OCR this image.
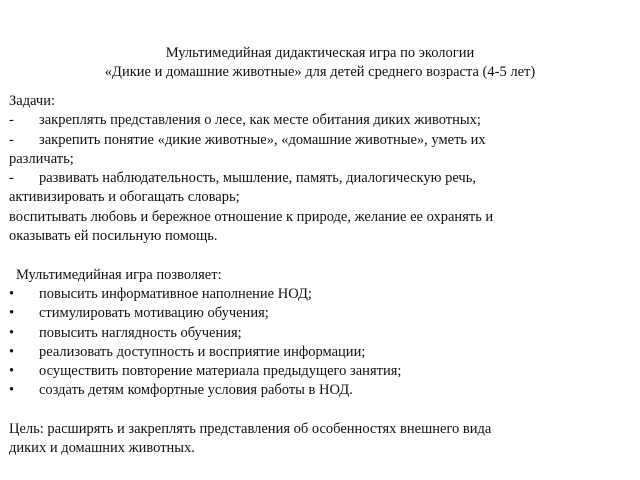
Мультимедийная дидактическая игра по экологии
«Дикие и домашние животные» для детей среднего возраста (4-5 лет)
Задачи:
-	закреплять представления о лесе, как месте обитания диких животных;
-	закрепить понятие «дикие животные», «домашние животные», уметь их
различать;
-	развивать наблюдательность, мышление, память, диалогическую речь,
активизировать и обогащать словарь;
воспитывать любовь и бережное отношение к природе, желание ее охранять и
оказывать ей посильную помощь.
Мультимедийная игра позволяет:
•	повысить информативное наполнение НОД;
•	стимулировать мотивацию обучения;
•	повысить наглядность обучения;
•	реализовать доступность и восприятие информации;
•	осуществить повторение материала предыдущего занятия;
•	создать детям комфортные условия работы в НОД.
Цель: расширять и закреплять представления об особенностях внешнего вида
диких и домашних животных.
